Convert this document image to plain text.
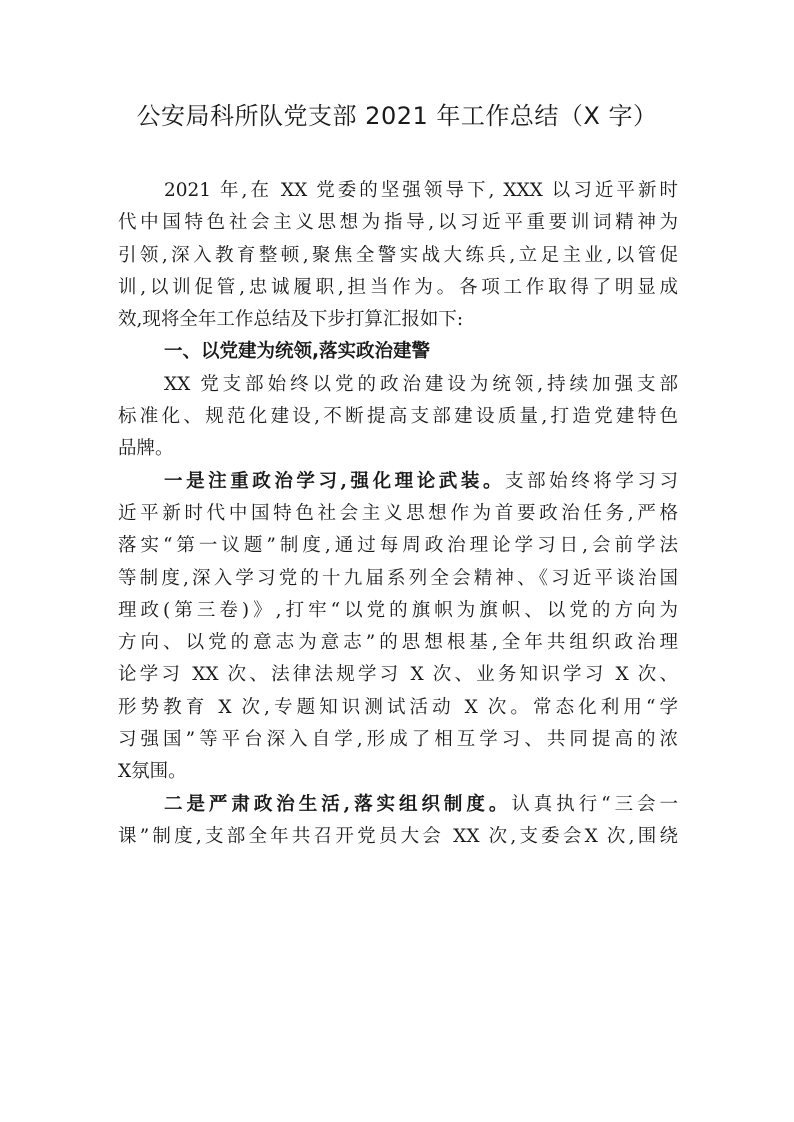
公安局科所队党支部 2021 年工作总结（X 字）
2021 年,在 XX 党委的坚强领导下, XXX 以习近平新时
代中国特色社会主义思想为指导,以习近平重要训词精神为
引领,深入教育整顿,聚焦全警实战大练兵,立足主业,以管促
训,以训促管,忠诚履职,担当作为。各项工作取得了明显成
效,现将全年工作总结及下步打算汇报如下:
一、以党建为统领,落实政治建警
XX 党支部始终以党的政治建设为统领,持续加强支部
标准化、规范化建设,不断提高支部建设质量,打造党建特色
品牌。
一是注重政治学习,强化理论武装。支部始终将学习习
近平新时代中国特色社会主义思想作为首要政治任务,严格
落实“第一议题”制度,通过每周政治理论学习日,会前学法
等制度,深入学习党的十九届系列全会精神、《习近平谈治国
理政(第三卷)》,打牢“以党的旗帜为旗帜、以党的方向为
方向、以党的意志为意志”的思想根基,全年共组织政治理
论学习 XX 次、法律法规学习 X 次、业务知识学习 X 次、
形势教育 X 次,专题知识测试活动 X 次。常态化利用“学
习强国”等平台深入自学,形成了相互学习、共同提高的浓
X氛围。
二是严肃政治生活,落实组织制度。认真执行“三会一
课”制度,支部全年共召开党员大会 XX 次,支委会X 次,围绕
